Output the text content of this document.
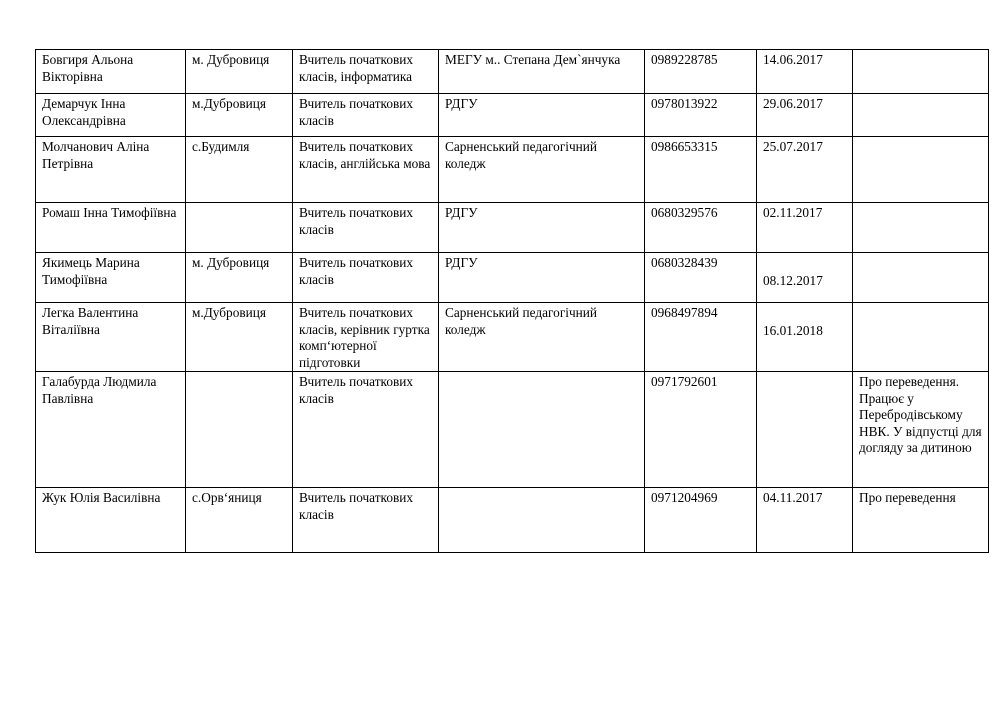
Бовгиря Альона Вікторівна	м. Дубровиця	Вчитель початкових класів, інформатика	МЕГУ м.. Степана Дем`янчука	0989228785	14.06.2017	
Демарчук Інна Олександрівна	м.Дубровиця	Вчитель початкових класів	РДГУ	0978013922	29.06.2017	
Молчанович Аліна Петрівна	с.Будимля	Вчитель початкових класів, англійська мова	Сарненський педагогічний коледж	0986653315	25.07.2017	
Ромаш Інна Тимофіївна		Вчитель початкових класів	РДГУ	0680329576	02.11.2017	
Якимець Марина Тимофіївна	м. Дубровиця	Вчитель початкових класів	РДГУ	0680328439	08.12.2017	

Легка Валентина Віталіївна	м.Дубровиця	Вчитель початкових класів, керівник гуртка комп‘ютерної підготовки	Сарненський педагогічний коледж	0968497894	16.01.2018	

Галабурда Людмила Павлівна		Вчитель початкових класів		0971792601		Про переведення. Працює у Перебродівському НВК. У відпустці для догляду за дитиною
Жук Юлія Василівна	с.Орв‘яниця	Вчитель початкових класів		0971204969	04.11.2017	Про переведення
